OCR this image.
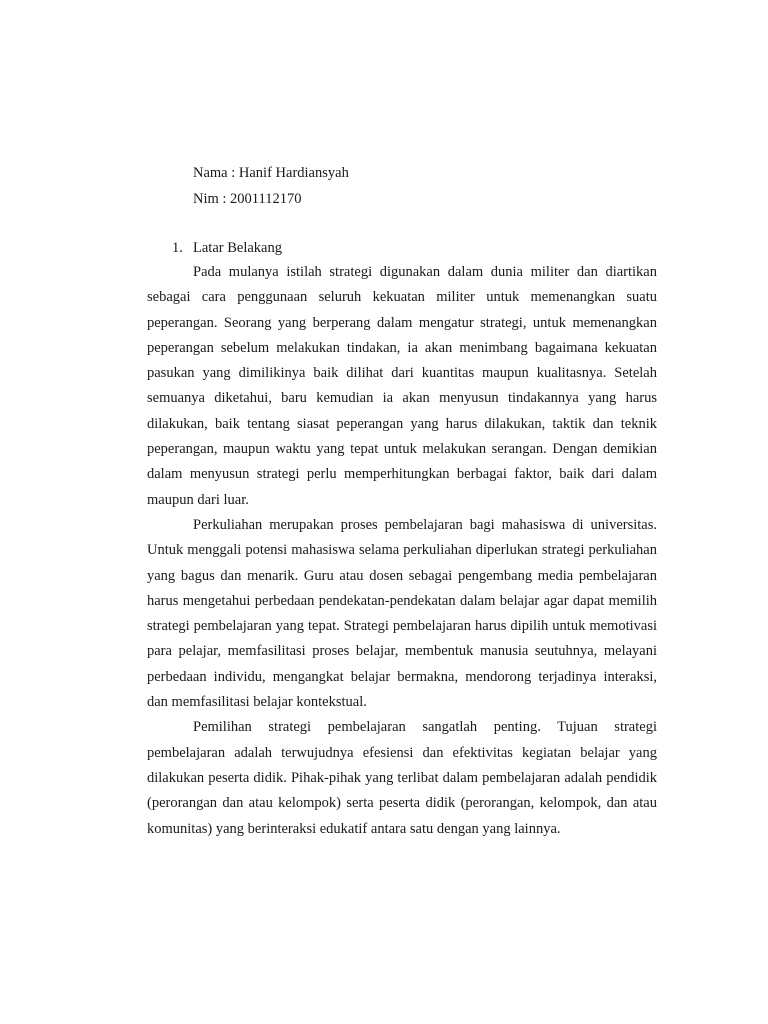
Nama : Hanif Hardiansyah
Nim : 2001112170
1. Latar Belakang

Pada mulanya istilah strategi digunakan dalam dunia militer dan diartikan sebagai cara penggunaan seluruh kekuatan militer untuk memenangkan suatu peperangan. Seorang yang berperang dalam mengatur strategi, untuk memenangkan peperangan sebelum melakukan tindakan, ia akan menimbang bagaimana kekuatan pasukan yang dimilikinya baik dilihat dari kuantitas maupun kualitasnya. Setelah semuanya diketahui, baru kemudian ia akan menyusun tindakannya yang harus dilakukan, baik tentang siasat peperangan yang harus dilakukan, taktik dan teknik peperangan, maupun waktu yang tepat untuk melakukan serangan. Dengan demikian dalam menyusun strategi perlu memperhitungkan berbagai faktor, baik dari dalam maupun dari luar.

Perkuliahan merupakan proses pembelajaran bagi mahasiswa di universitas. Untuk menggali potensi mahasiswa selama perkuliahan diperlukan strategi perkuliahan yang bagus dan menarik. Guru atau dosen sebagai pengembang media pembelajaran harus mengetahui perbedaan pendekatan-pendekatan dalam belajar agar dapat memilih strategi pembelajaran yang tepat. Strategi pembelajaran harus dipilih untuk memotivasi para pelajar, memfasilitasi proses belajar, membentuk manusia seutuhnya, melayani perbedaan individu, mengangkat belajar bermakna, mendorong terjadinya interaksi, dan memfasilitasi belajar kontekstual.

Pemilihan strategi pembelajaran sangatlah penting. Tujuan strategi pembelajaran adalah terwujudnya efesiensi dan efektivitas kegiatan belajar yang dilakukan peserta didik. Pihak-pihak yang terlibat dalam pembelajaran adalah pendidik (perorangan dan atau kelompok) serta peserta didik (perorangan, kelompok, dan atau komunitas) yang berinteraksi edukatif antara satu dengan yang lainnya.
